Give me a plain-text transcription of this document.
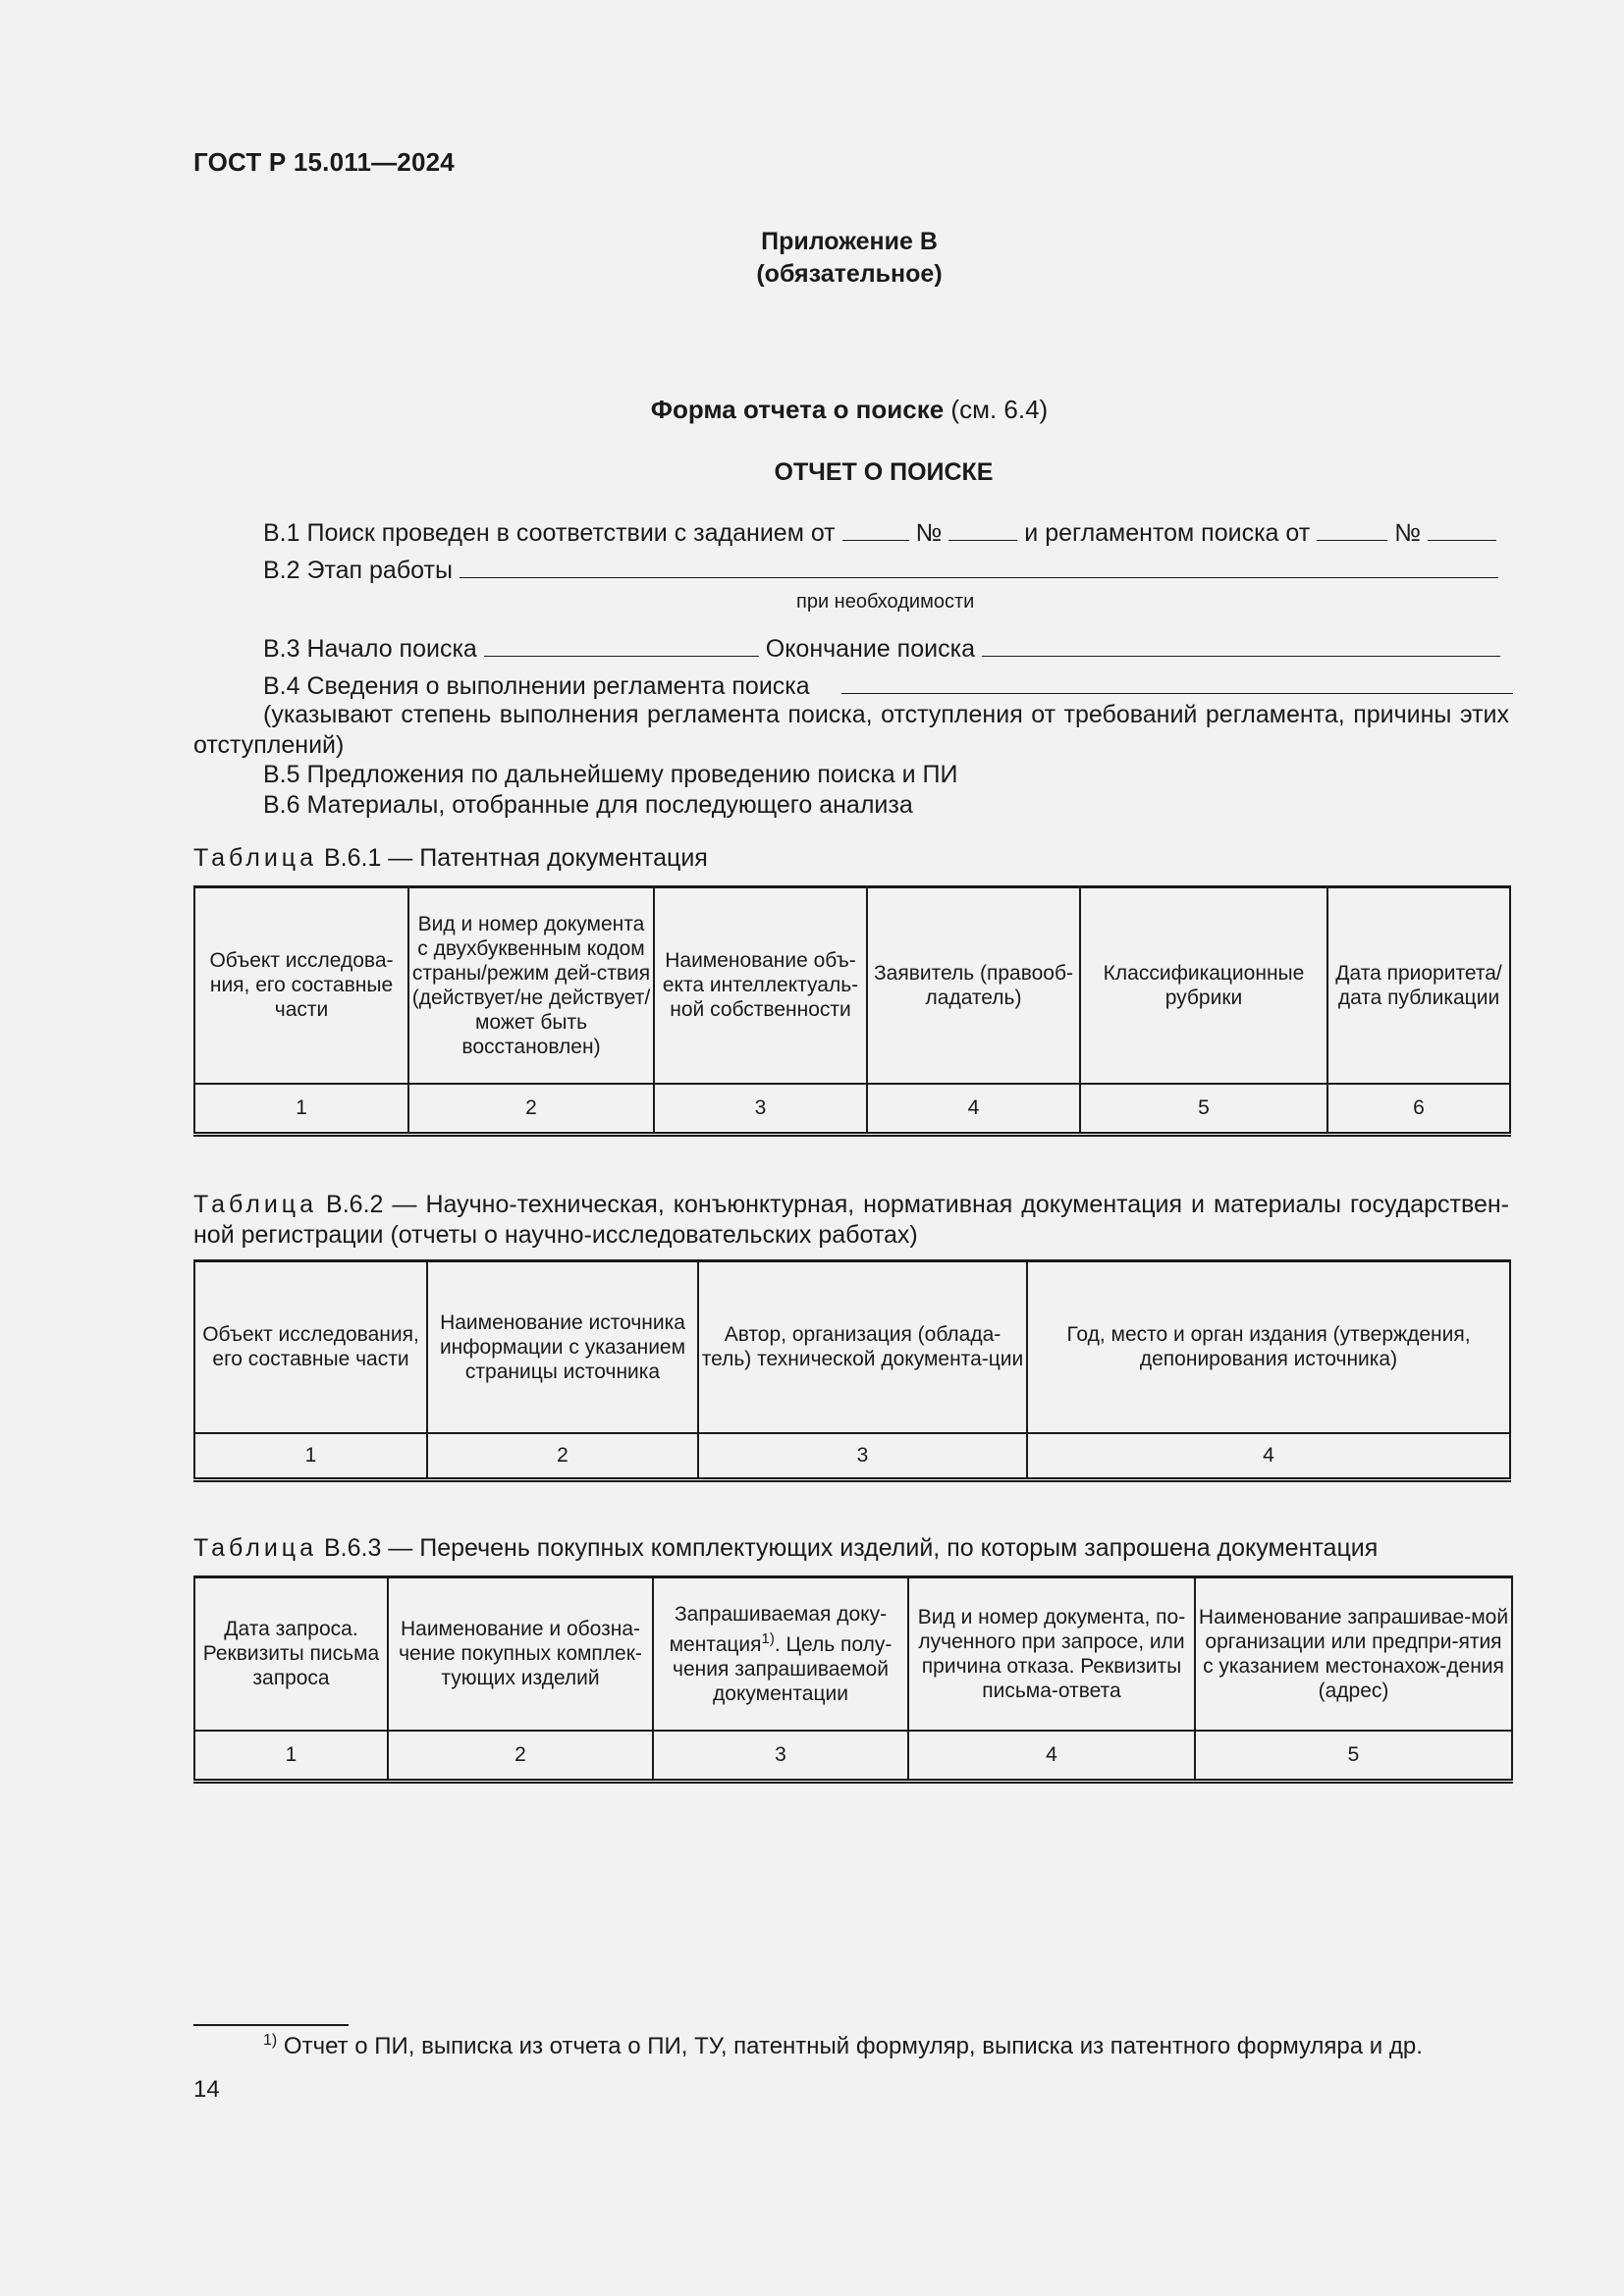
ГОСТ Р 15.011—2024
Приложение В
(обязательное)
Форма отчета о поиске (см. 6.4)
ОТЧЕТ О ПОИСКЕ
В.1 Поиск проведен в соответствии с заданием от	№	и регламентом поиска от	№
В.2 Этап работы
при необходимости
В.3 Начало поиска	Окончание поиска
В.4 Сведения о выполнении регламента поиска
(указывают степень выполнения регламента поиска, отступления от требований регламента, причины этих отступлений)
В.5 Предложения по дальнейшему проведению поиска и ПИ
В.6 Материалы, отобранные для последующего анализа
Таблица В.6.1 — Патентная документация
Объект исследова-ния, его составные части	Вид и номер документа с двухбуквенным кодом страны/режим дей-ствия (действует/не действует/может быть восстановлен)	Наименование объ-екта интеллектуаль-ной собственности	Заявитель (правооб-ладатель)	Классификационные рубрики	Дата приоритета/ дата публикации
1	2	3	4	5	6
Таблица В.6.2 — Научно-техническая, конъюнктурная, нормативная документация и материалы государствен-ной регистрации (отчеты о научно-исследовательских работах)
Объект исследования, его составные части	Наименование источника информации с указанием страницы источника	Автор, организация (облада-тель) технической документа-ции	Год, место и орган издания (утверждения, депонирования источника)
1	2	3	4
Таблица В.6.3 — Перечень покупных комплектующих изделий, по которым запрошена документация
Дата запроса. Реквизиты письма запроса	Наименование и обозна-чение покупных комплек-тующих изделий	Запрашиваемая доку-ментация$^{1)}$. Цель полу-чения запрашиваемой документации	Вид и номер документа, по-лученного при запросе, или причина отказа. Реквизиты письма-ответа	Наименование запрашивае-мой организации или предпри-ятия с указанием местонахож-дения (адрес)
1	2	3	4	5
$^{1)}$ Отчет о ПИ, выписка из отчета о ПИ, ТУ, патентный формуляр, выписка из патентного формуляра и др.
14
